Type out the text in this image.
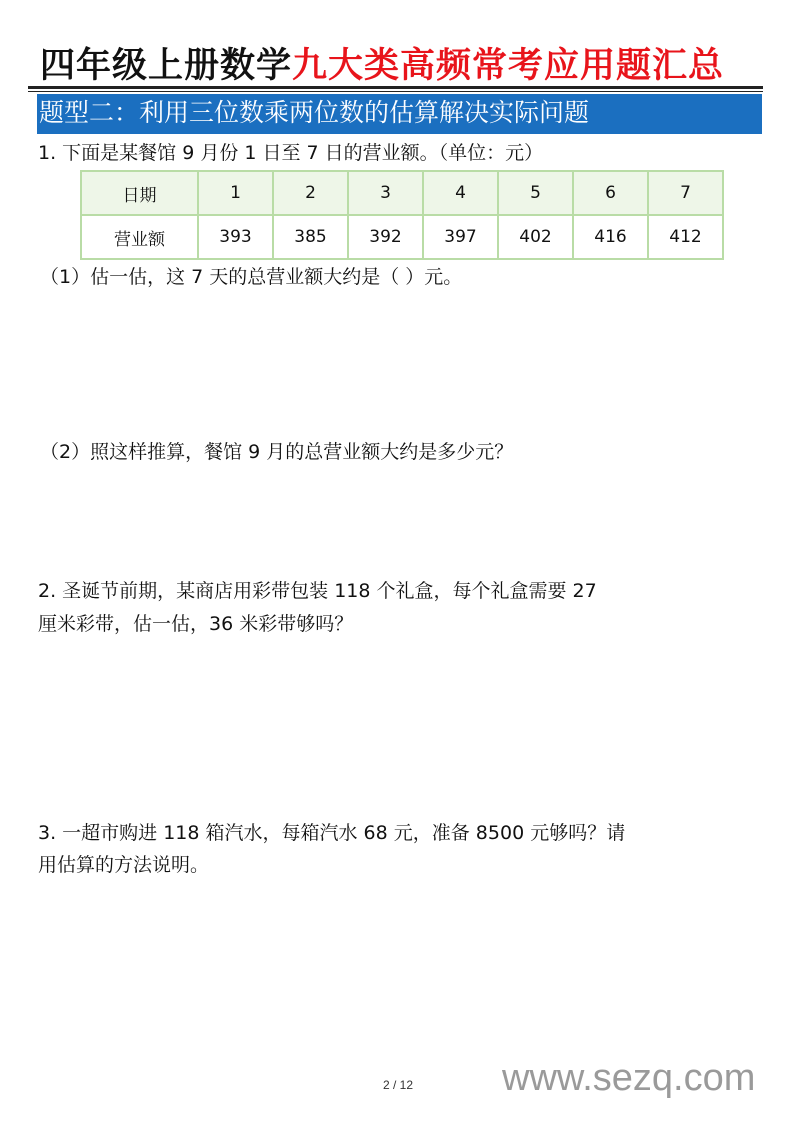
四年级上册数学九大类高频常考应用题汇总
题型二：利用三位数乘两位数的估算解决实际问题
1. 下面是某餐馆 9 月份 1 日至 7 日的营业额。（单位：元）
日期	1	2	3	4	5	6	7
营业额	393	385	392	397	402	416	412
（1）估一估，这 7 天的总营业额大约是（ ）元。
（2）照这样推算，餐馆 9 月的总营业额大约是多少元？
2. 圣诞节前期，某商店用彩带包装 118 个礼盒，每个礼盒需要 27
厘米彩带，估一估，36 米彩带够吗？
3. 一超市购进 118 箱汽水，每箱汽水 68 元，准备 8500 元够吗？请
用估算的方法说明。
2 / 12 www.sezq.com
